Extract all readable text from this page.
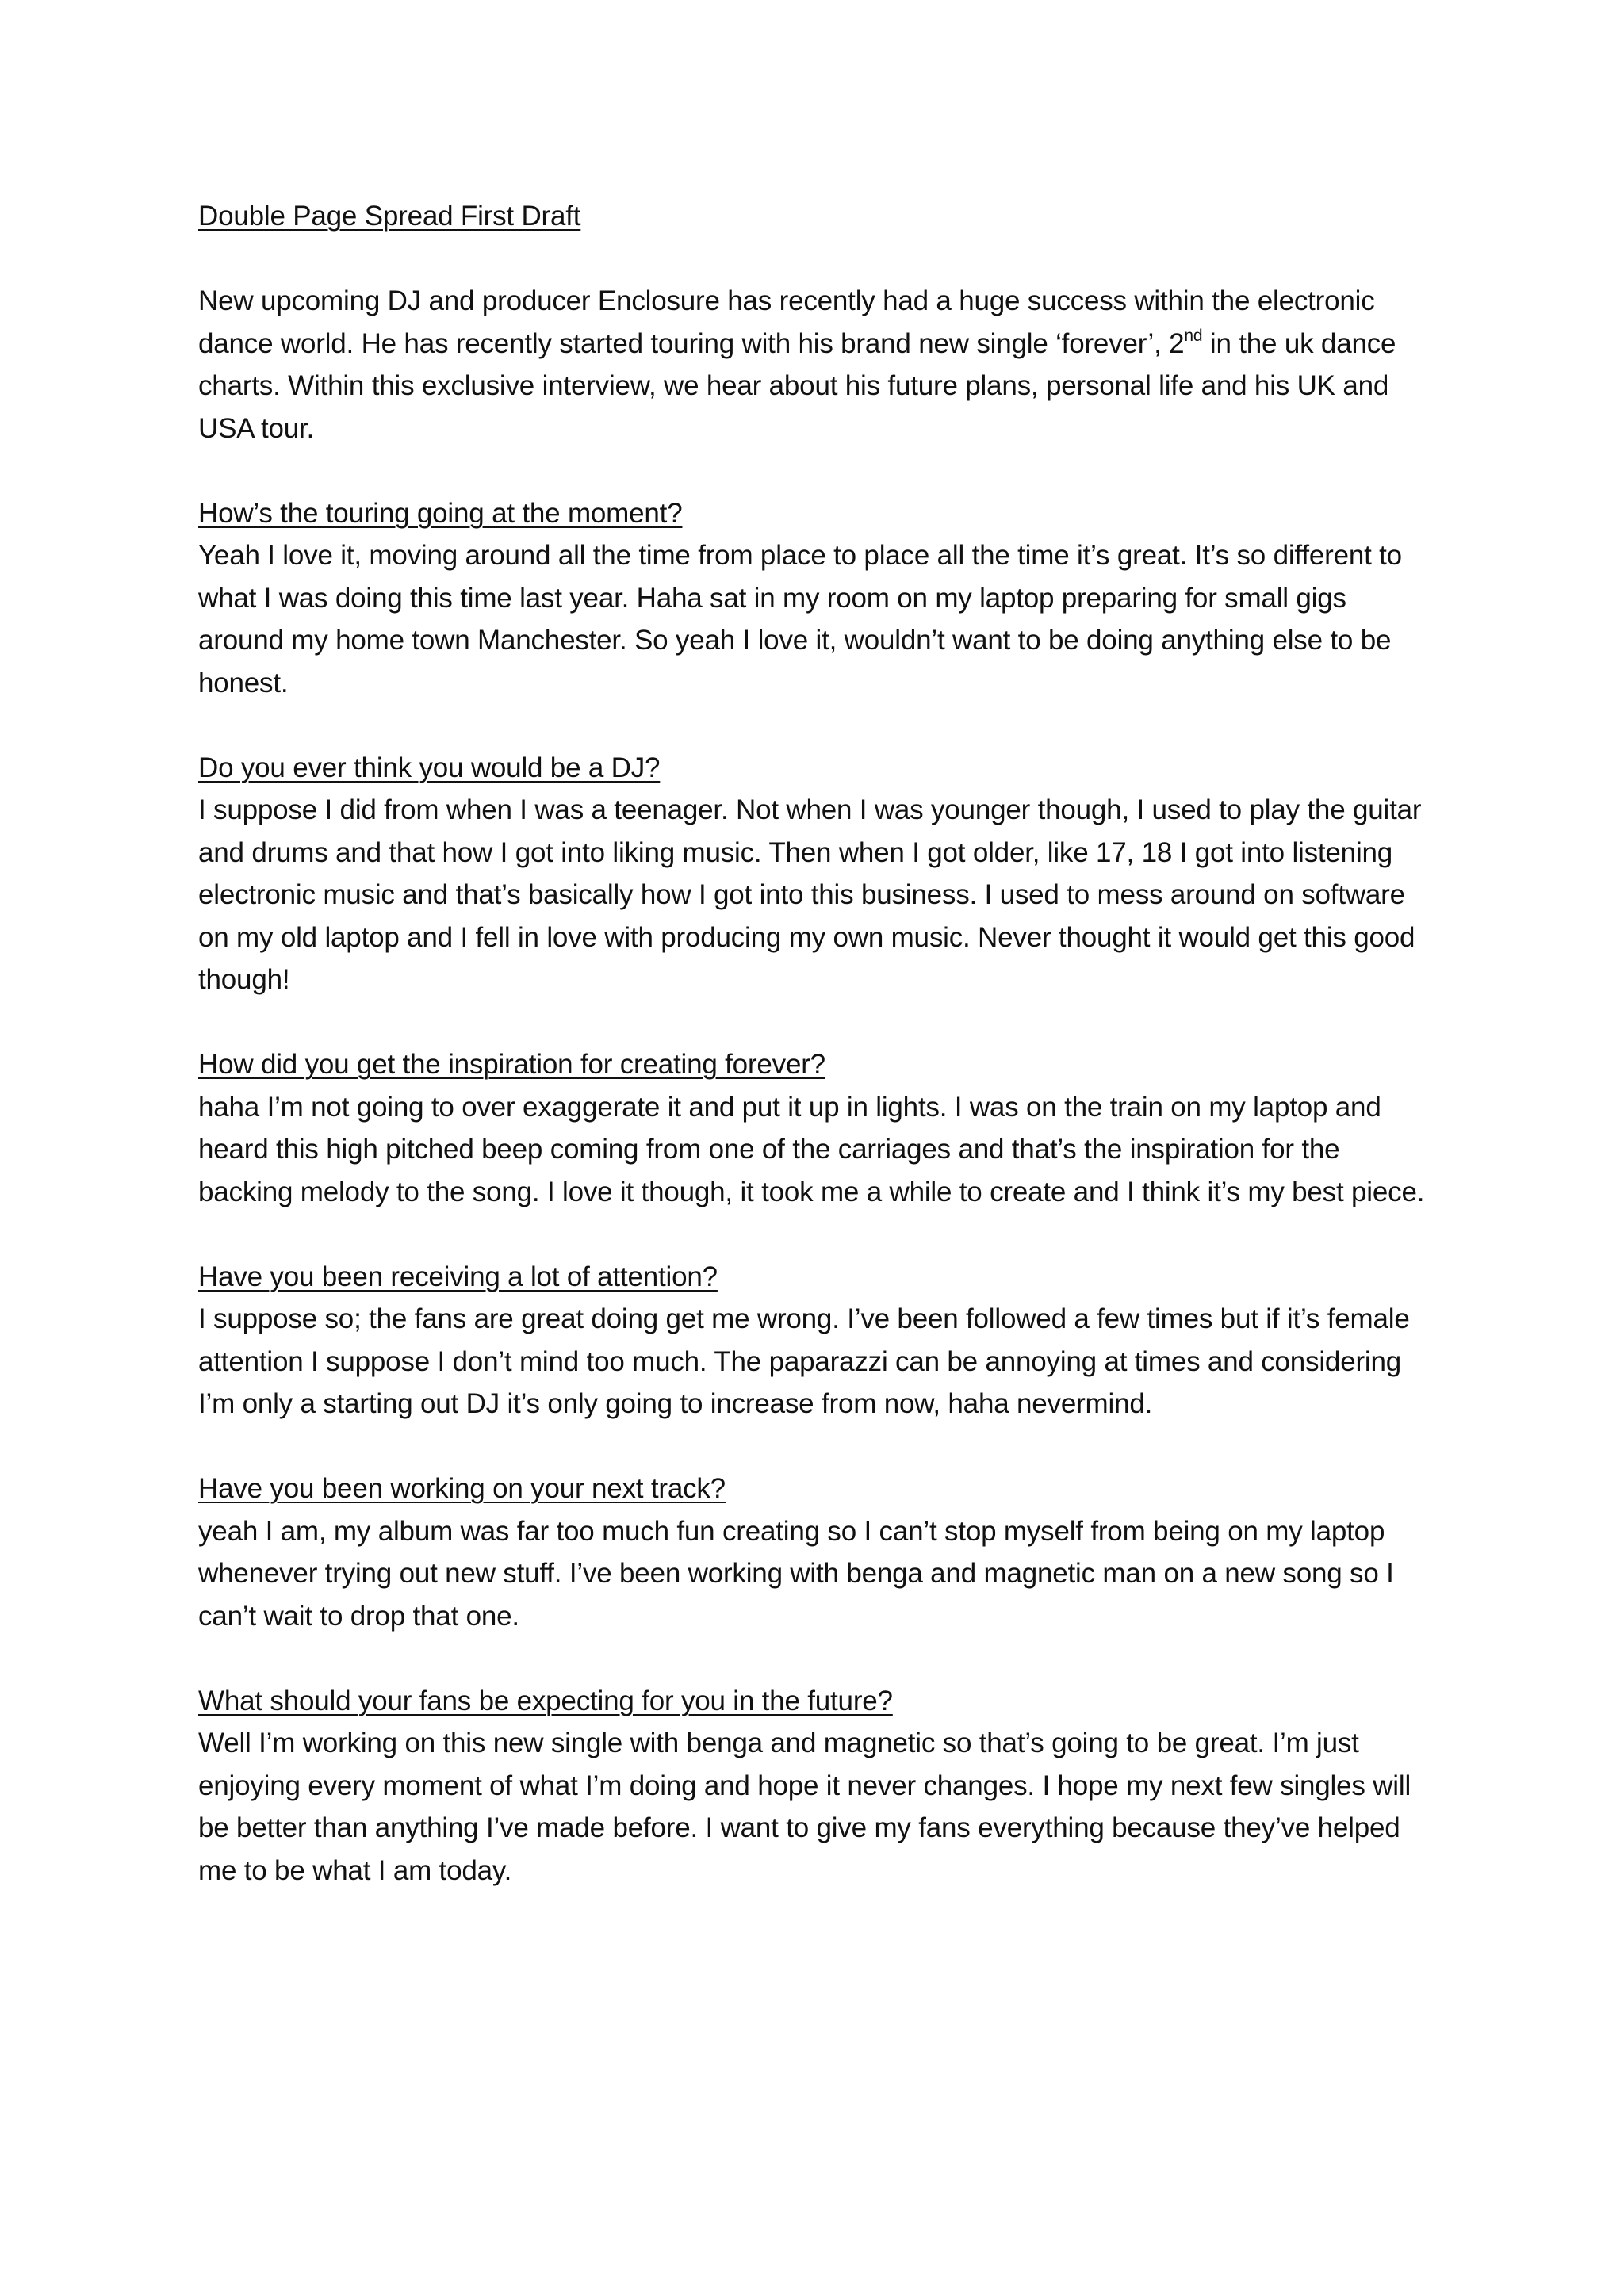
Double Page Spread First Draft

New upcoming DJ and producer Enclosure has recently had a huge success within the electronic dance world. He has recently started touring with his brand new single ‘forever’, 2nd in the uk dance charts. Within this exclusive interview, we hear about his future plans, personal life and his UK and USA tour.

How’s the touring going at the moment?

Yeah I love it, moving around all the time from place to place all the time it’s great. It’s so different to what I was doing this time last year. Haha sat in my room on my laptop preparing for small gigs around my home town Manchester. So yeah I love it, wouldn’t want to be doing anything else to be honest.

Do you ever think you would be a DJ?

I suppose I did from when I was a teenager. Not when I was younger though, I used to play the guitar and drums and that how I got into liking music. Then when I got older, like 17, 18 I got into listening electronic music and that’s basically how I got into this business. I used to mess around on software on my old laptop and I fell in love with producing my own music. Never thought it would get this good though!

How did you get the inspiration for creating forever?

haha I’m not going to over exaggerate it and put it up in lights. I was on the train on my laptop and heard this high pitched beep coming from one of the carriages and that’s the inspiration for the backing melody to the song. I love it though, it took me a while to create and I think it’s my best piece.

Have you been receiving a lot of attention?

I suppose so; the fans are great doing get me wrong. I’ve been followed a few times but if it’s female attention I suppose I don’t mind too much. The paparazzi can be annoying at times and considering I’m only a starting out DJ it’s only going to increase from now, haha nevermind.

Have you been working on your next track?

yeah I am, my album was far too much fun creating so I can’t stop myself from being on my laptop whenever trying out new stuff. I’ve been working with benga and magnetic man on a new song so I can’t wait to drop that one.

What should your fans be expecting for you in the future?

Well I’m working on this new single with benga and magnetic so that’s going to be great. I’m just enjoying every moment of what I’m doing and hope it never changes. I hope my next few singles will be better than anything I’ve made before. I want to give my fans everything because they’ve helped me to be what I am today.
